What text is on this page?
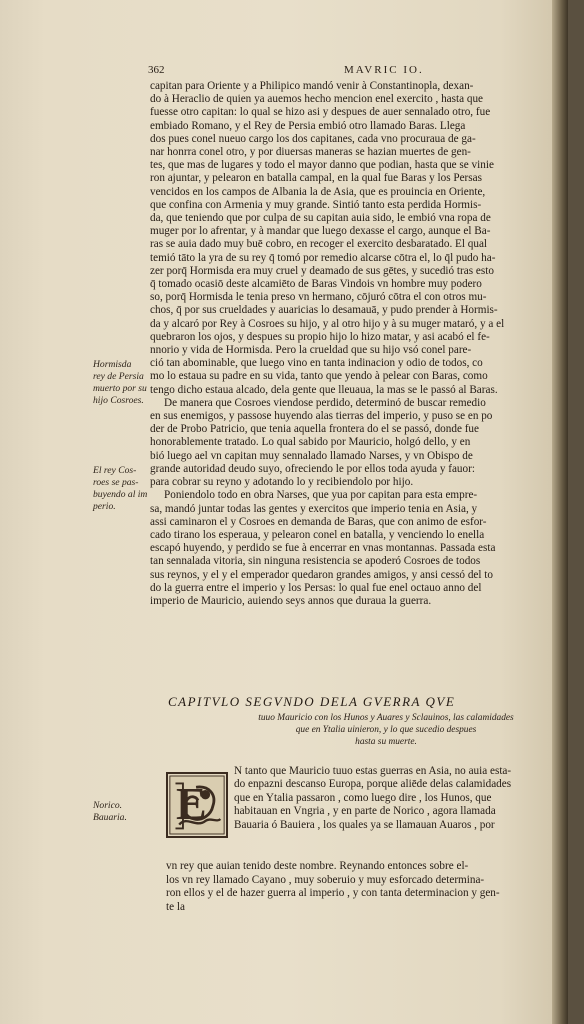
362	MAVRIC IO.
capitan para Oriente y a Philipico mandó venir à Constantinopla, dexan-
do à Heraclio de quien ya auemos hecho mencion enel exercito , hasta que
fuesse otro capitan: lo qual se hizo asi y despues de auer sennalado otro, fue
embiado Romano, y el Rey de Persia embió otro llamado Baras. Llega
dos pues conel nueuo cargo los dos capitanes, cada vno procuraua de ga-
nar honrra conel otro, y por diuersas maneras se hazian muertes de gen-
tes, que mas de lugares y todo el mayor danno que podian, hasta que se vinie
ron ajuntar, y pelearon en batalla campal, en la qual fue Baras y los Persas
vencidos en los campos de Albania la de Asia, que es prouincia en Oriente,
que confina con Armenia y muy grande. Sintió tanto esta perdida Hormis-
da, que teniendo que por culpa de su capitan auia sido, le embió vna ropa de
muger por lo afrentar, y à mandar que luego dexasse el cargo, aunque el Ba-
ras se auia dado muy buē cobro, en recoger el exercito desbaratado. El qual
temió tāto la yra de su rey q̄ tomó por remedio alcarse cōtra el, lo q̄l pudo ha-
zer porq̄ Hormisda era muy cruel y deamado de sus gētes, y sucedió tras esto
q̄ tomado ocasiō deste alcamiēto de Baras Vindois vn hombre muy podero
so, porq̄ Hormisda le tenia preso vn hermano, cōjuró cōtra el con otros mu-
chos, q̄ por sus crueldades y auaricias lo desamauā, y pudo prender à Hormis-
da y alcaró por Rey à Cosroes su hijo, y al otro hijo y à su muger mataró, y a el
quebraron los ojos, y despues su propio hijo lo hizo matar, y asi acabó el fe-
nnorio y vida de Hormisda. Pero la crueldad que su hijo vsó conel pare-
ció tan abominable, que luego vino en tanta indinacion y odio de todos, co
mo lo estaua su padre en su vida, tanto que yendo à pelear con Baras, como
tengo dicho estaua alcado, dela gente que lleuaua, la mas se le passó al Baras.
De manera que Cosroes viendose perdido, determinó de buscar remedio
en sus enemigos, y passose huyendo alas tierras del imperio, y puso se en po
der de Probo Patricio, que tenia aquella frontera do el se passó, donde fue
honorablemente tratado. Lo qual sabido por Mauricio, holgó dello, y en
bió luego ael vn capitan muy sennalado llamado Narses, y vn Obispo de
grande autoridad deudo suyo, ofreciendo le por ellos toda ayuda y fauor:
para cobrar su reyno y adotando lo y recibiendolo por hijo.
Poniendolo todo en obra Narses, que yua por capitan para esta empre-
sa, mandó juntar todas las gentes y exercitos que imperio tenia en Asia, y
assi caminaron el y Cosroes en demanda de Baras, que con animo de esfor-
cado tirano los esperaua, y pelearon conel en batalla, y venciendo lo enella
escapó huyendo, y perdido se fue à encerrar en vnas montannas. Passada esta
tan sennalada vitoria, sin ninguna resistencia se apoderó Cosroes de todos
sus reynos, y el y el emperador quedaron grandes amigos, y ansi cessó del to
do la guerra entre el imperio y los Persas: lo qual fue enel octauo anno del
imperio de Mauricio, auiendo seys annos que duraua la guerra.
Hormisda
rey de Persia
muerto por su
hijo Cosroes.
El rey Cos-
roes se pas-
buyendo al im
perio.
Norico.
Bauaria.
CAPITVLO SEGVNDO DELA GVERRA QVE
tuuo Mauricio con los Hunos y Auares y Sclauinos, las calamidades
que en Ytalia uinieron, y lo que sucedio despues
hasta su muerte.
E
N tanto que Mauricio tuuo estas guerras en Asia, no auia esta-
do enpazni descanso Europa, porque aliēde delas calamidades
que en Ytalia passaron , como luego dire , los Hunos, que
habitauan en Vngria , y en parte de Norico , agora llamada
Bauaria ó Bauiera , los quales ya se llamauan Auaros , por
vn rey que auian tenido deste nombre. Reynando entonces sobre el-
los vn rey llamado Cayano , muy soberuio y muy esforcado determina-
ron ellos y el de hazer guerra al imperio , y con tanta determinacion y gen-
te la
